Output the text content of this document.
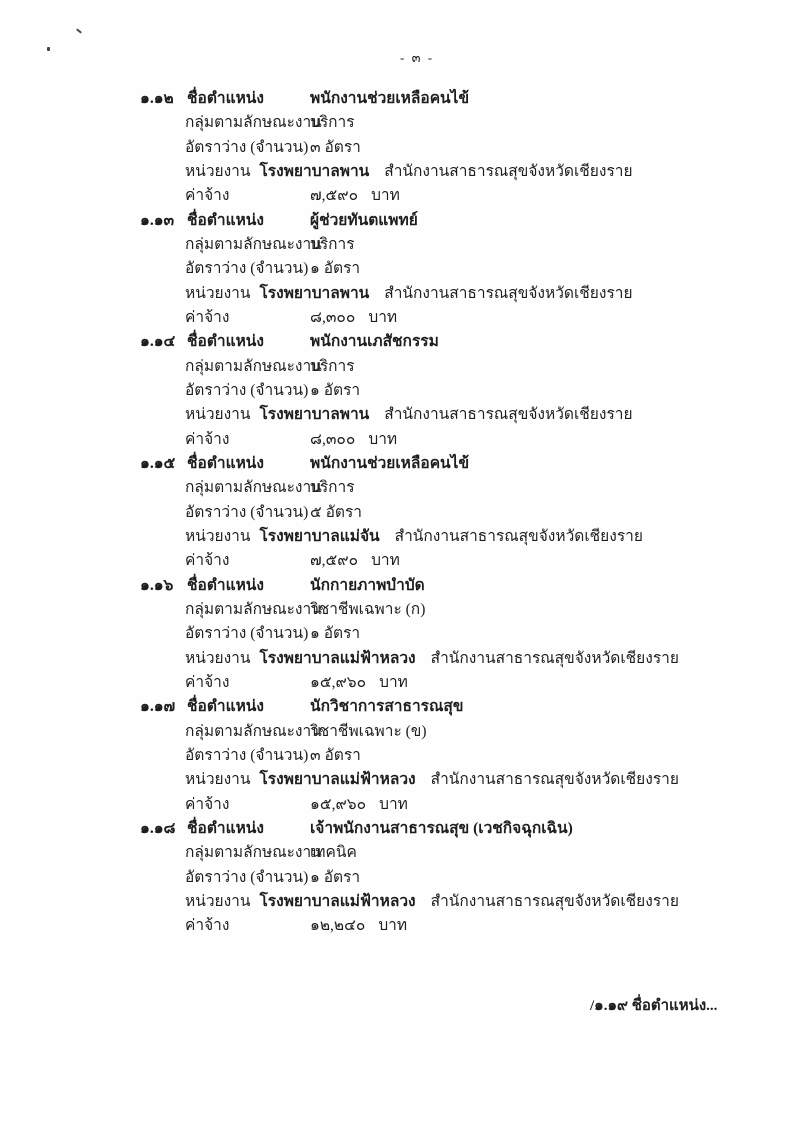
- ๓ -
๑.๑๒ ชื่อตำแหน่ง	พนักงานช่วยเหลือคนไข้
กลุ่มตามลักษณะงาน
บริการ
อัตราว่าง (จำนวน) ๓ อัตรา
หน่วยงาน โรงพยาบาลพาน สำนักงานสาธารณสุขจังหวัดเชียงราย
ค่าจ้าง	๗,๕๙๐ บาท
๑.๑๓ ชื่อตำแหน่ง	ผู้ช่วยทันตแพทย์
กลุ่มตามลักษณะงาน
บริการ
อัตราว่าง (จำนวน) ๑ อัตรา
หน่วยงาน โรงพยาบาลพาน สำนักงานสาธารณสุขจังหวัดเชียงราย
ค่าจ้าง	๘,๓๐๐ บาท
๑.๑๔ ชื่อตำแหน่ง	พนักงานเภสัชกรรม
กลุ่มตามลักษณะงาน
บริการ
อัตราว่าง (จำนวน) ๑ อัตรา
หน่วยงาน โรงพยาบาลพาน สำนักงานสาธารณสุขจังหวัดเชียงราย
ค่าจ้าง	๘,๓๐๐ บาท
๑.๑๕ ชื่อตำแหน่ง	พนักงานช่วยเหลือคนไข้
กลุ่มตามลักษณะงาน
บริการ
อัตราว่าง (จำนวน) ๕ อัตรา
หน่วยงาน โรงพยาบาลแม่จัน สำนักงานสาธารณสุขจังหวัดเชียงราย
ค่าจ้าง	๗,๕๙๐ บาท
๑.๑๖ ชื่อตำแหน่ง	นักกายภาพบำบัด
กลุ่มตามลักษณะงาน
วิชาชีพเฉพาะ (ก)
อัตราว่าง (จำนวน) ๑ อัตรา
หน่วยงาน โรงพยาบาลแม่ฟ้าหลวง สำนักงานสาธารณสุขจังหวัดเชียงราย
ค่าจ้าง	๑๕,๙๖๐ บาท
๑.๑๗ ชื่อตำแหน่ง	นักวิชาการสาธารณสุข
กลุ่มตามลักษณะงาน
วิชาชีพเฉพาะ (ข)
อัตราว่าง (จำนวน) ๓ อัตรา
หน่วยงาน โรงพยาบาลแม่ฟ้าหลวง สำนักงานสาธารณสุขจังหวัดเชียงราย
ค่าจ้าง	๑๕,๙๖๐ บาท
๑.๑๘ ชื่อตำแหน่ง	เจ้าพนักงานสาธารณสุข (เวชกิจฉุกเฉิน)
กลุ่มตามลักษณะงาน
เทคนิค
อัตราว่าง (จำนวน) ๑ อัตรา
หน่วยงาน โรงพยาบาลแม่ฟ้าหลวง สำนักงานสาธารณสุขจังหวัดเชียงราย
ค่าจ้าง	๑๒,๒๔๐ บาท
/๑.๑๙ ชื่อตำแหน่ง...
